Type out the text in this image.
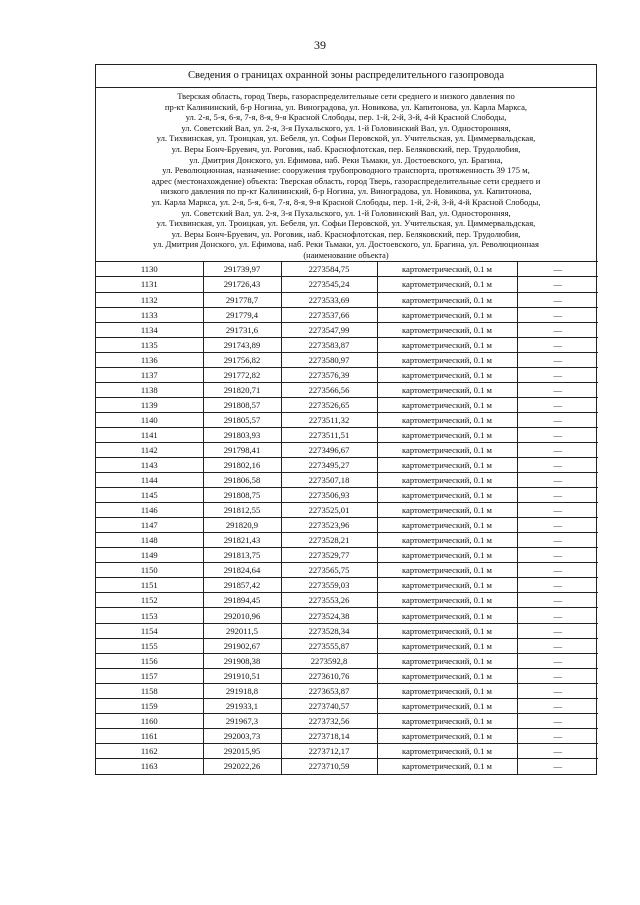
39
Сведения о границах охранной зоны распределительного газопровода
Тверская область, город Тверь, газораспределительные сети среднего и низкого давления по
пр-кт Калининский, б-р Ногина, ул. Виноградова, ул. Новикова, ул. Капитонова, ул. Карла Маркса,
ул. 2-я, 5-я, 6-я, 7-я, 8-я, 9-я Красной Слободы, пер. 1-й, 2-й, 3-й, 4-й Красной Слободы,
ул. Советский Вал, ул. 2-я, 3-я Пухальского, ул. 1-й Головинский Вал, ул. Односторонняя,
ул. Тихвинская, ул. Троицкая, ул. Бебеля, ул. Софьи Перовской, ул. Учительская, ул. Циммервальдская,
ул. Веры Бонч-Бруевич, ул. Роговик, наб. Краснофлотская, пер. Беляковский, пер. Трудолюбия,
ул. Дмитрия Донского, ул. Ефимова, наб. Реки Тьмаки, ул. Достоевского, ул. Брагина,
ул. Революционная, назначение: сооружения трубопроводного транспорта, протяженность 39 175 м,
адрес (местонахождение) объекта: Тверская область, город Тверь, газораспределительные сети среднего и
низкого давления по пр-кт Калининский, б-р Ногина, ул. Виноградова, ул. Новикова, ул. Капитонова,
ул. Карла Маркса, ул. 2-я, 5-я, 6-я, 7-я, 8-я, 9-я Красной Слободы, пер. 1-й, 2-й, 3-й, 4-й Красной Слободы,
ул. Советский Вал, ул. 2-я, 3-я Пухальского, ул. 1-й Головинский Вал, ул. Односторонняя,
ул. Тихвинская, ул. Троицкая, ул. Бебеля, ул. Софьи Перовской, ул. Учительская, ул. Циммервальдская,
ул. Веры Бонч-Бруевич, ул. Роговик, наб. Краснофлотская, пер. Беляковский, пер. Трудолюбия,
ул. Дмитрия Донского, ул. Ефимова, наб. Реки Тьмаки, ул. Достоевского, ул. Брагина, ул. Революционная
(наименование объекта)
1130	291739,97	2273584,75	картометрический, 0.1 м	—
1131	291726,43	2273545,24	картометрический, 0.1 м	—
1132	291778,7	2273533,69	картометрический, 0.1 м	—
1133	291779,4	2273537,66	картометрический, 0.1 м	—
1134	291731,6	2273547,99	картометрический, 0.1 м	—
1135	291743,89	2273583,87	картометрический, 0.1 м	—
1136	291756,82	2273580,97	картометрический, 0.1 м	—
1137	291772,82	2273576,39	картометрический, 0.1 м	—
1138	291820,71	2273566,56	картометрический, 0.1 м	—
1139	291808,57	2273526,65	картометрический, 0.1 м	—
1140	291805,57	2273511,32	картометрический, 0.1 м	—
1141	291803,93	2273511,51	картометрический, 0.1 м	—
1142	291798,41	2273496,67	картометрический, 0.1 м	—
1143	291802,16	2273495,27	картометрический, 0.1 м	—
1144	291806,58	2273507,18	картометрический, 0.1 м	—
1145	291808,75	2273506,93	картометрический, 0.1 м	—
1146	291812,55	2273525,01	картометрический, 0.1 м	—
1147	291820,9	2273523,96	картометрический, 0.1 м	—
1148	291821,43	2273528,21	картометрический, 0.1 м	—
1149	291813,75	2273529,77	картометрический, 0.1 м	—
1150	291824,64	2273565,75	картометрический, 0.1 м	—
1151	291857,42	2273559,03	картометрический, 0.1 м	—
1152	291894,45	2273553,26	картометрический, 0.1 м	—
1153	292010,96	2273524,38	картометрический, 0.1 м	—
1154	292011,5	2273528,34	картометрический, 0.1 м	—
1155	291902,67	2273555,87	картометрический, 0.1 м	—
1156	291908,38	2273592,8	картометрический, 0.1 м	—
1157	291910,51	2273610,76	картометрический, 0.1 м	—
1158	291918,8	2273653,87	картометрический, 0.1 м	—
1159	291933,1	2273740,57	картометрический, 0.1 м	—
1160	291967,3	2273732,56	картометрический, 0.1 м	—
1161	292003,73	2273718,14	картометрический, 0.1 м	—
1162	292015,95	2273712,17	картометрический, 0.1 м	—
1163	292022,26	2273710,59	картометрический, 0.1 м	—
